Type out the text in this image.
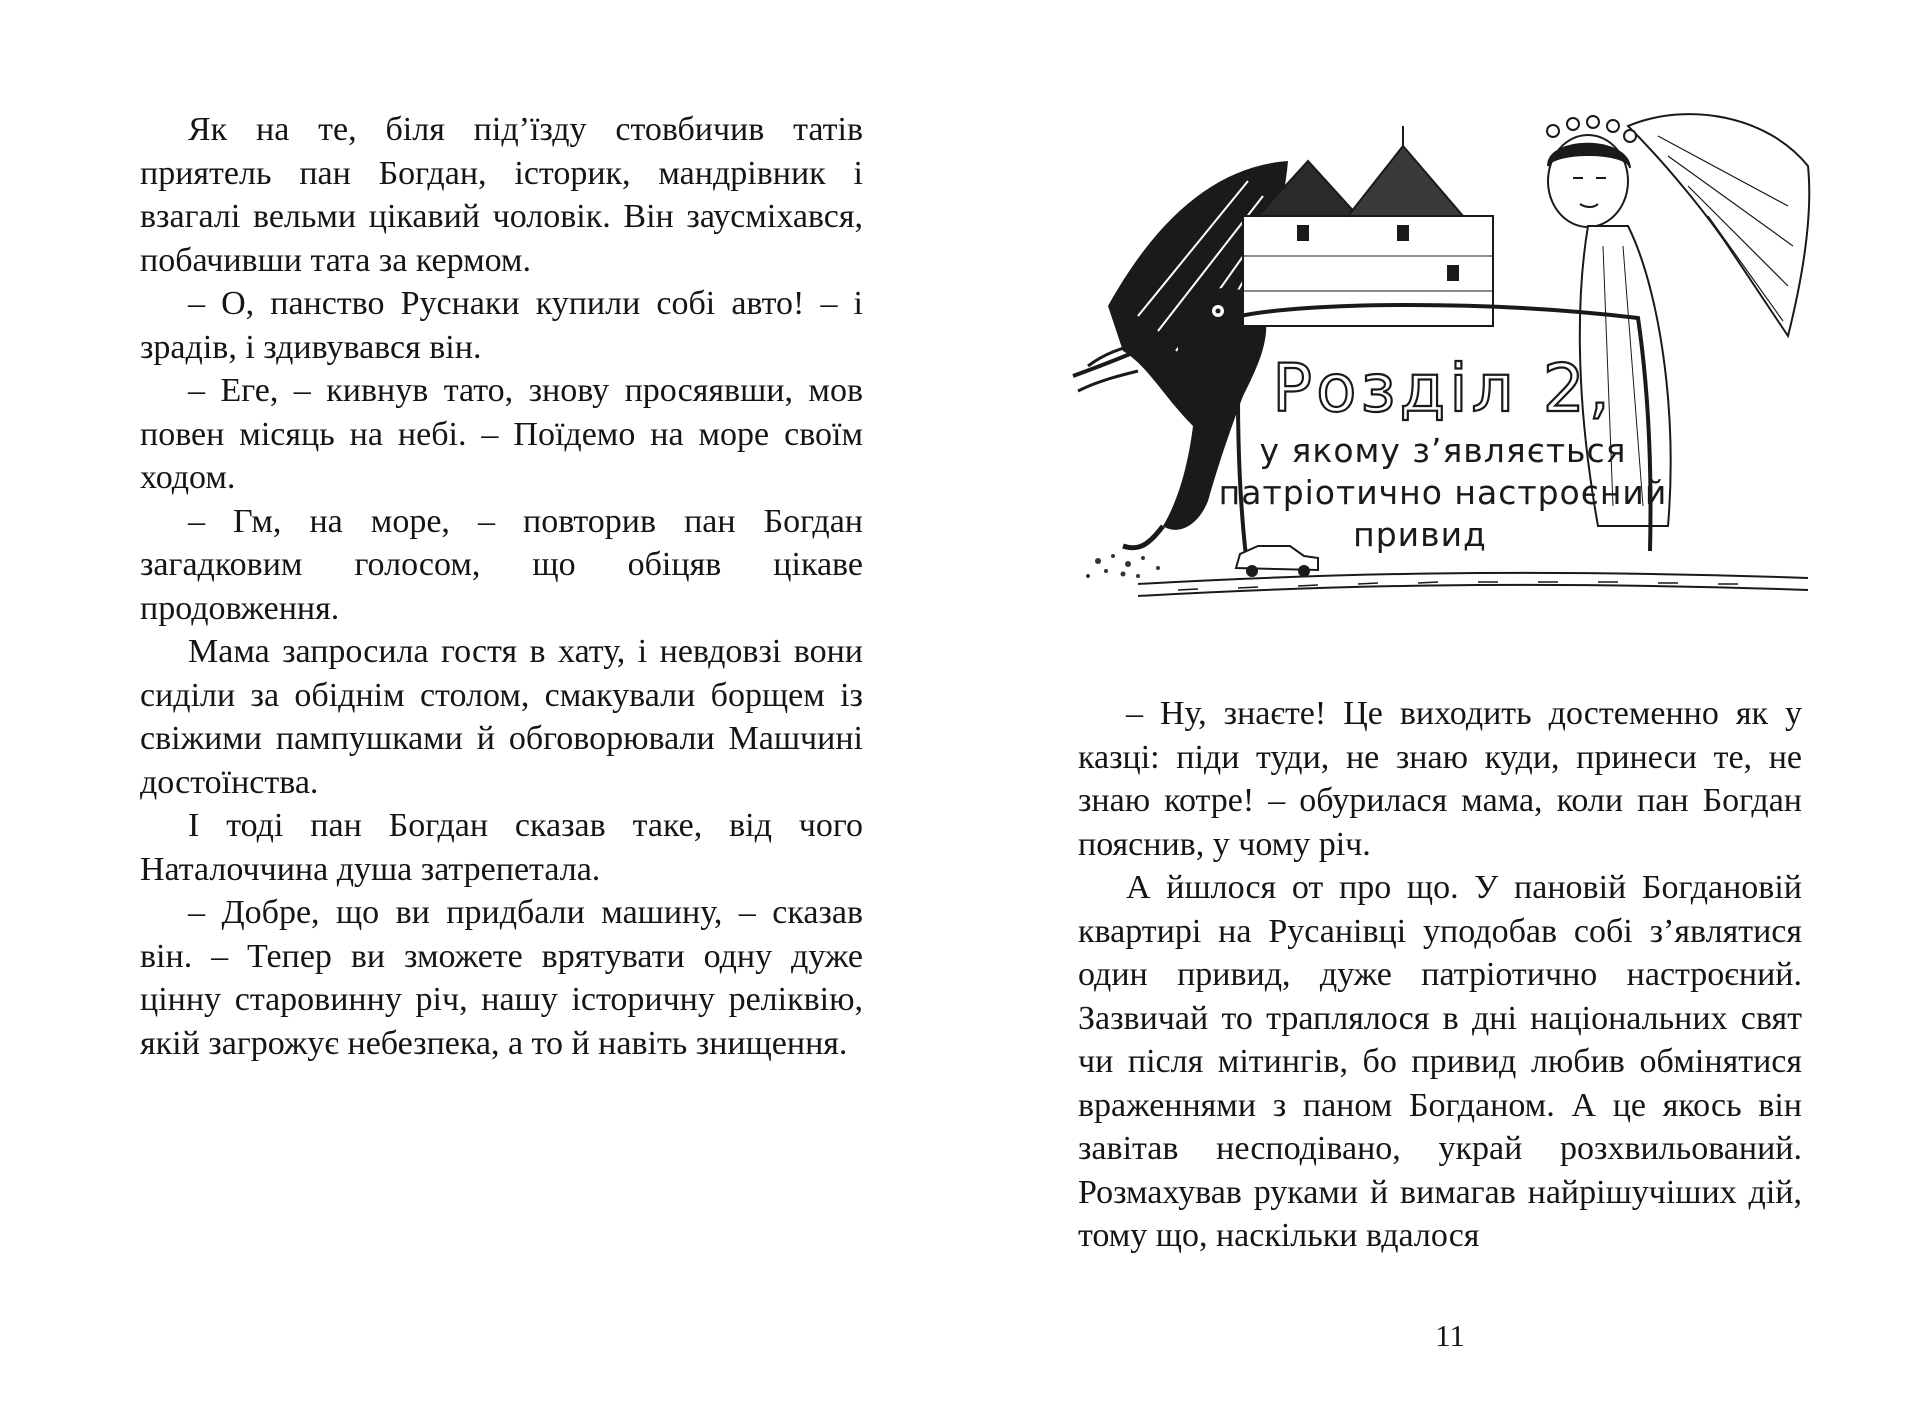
Як на те, біля під’їзду стовбичив татів приятель пан Богдан, історик, мандрівник і взагалі вельми цікавий чоловік. Він заусміхався, побачивши тата за кермом.

– О, панство Руснаки купили собі авто! – і зрадів, і здивувався він.

– Еге, – кивнув тато, знову просяявши, мов повен місяць на небі. – Поїдемо на море своїм ходом.

– Гм, на море, – повторив пан Богдан загадковим голосом, що обіцяв цікаве продовження.

Мама запросила гостя в хату, і невдовзі вони сиділи за обіднім столом, смакували борщем із свіжими пампушками й обговорювали Машчині достоїнства.

І тоді пан Богдан сказав таке, від чого Наталоччина душа затрепетала.

– Добре, що ви придбали машину, – сказав він. – Тепер ви зможете врятувати одну дуже цінну старовинну річ, нашу історичну реліквію, якій загрожує небезпека, а то й навіть знищення.

Розділ 2,
у якому з’являється
патріотично настроєний
привид

– Ну, знаєте! Це виходить достеменно як у казці: піди туди, не знаю куди, принеси те, не знаю котре! – обурилася мама, коли пан Богдан пояснив, у чому річ.

А йшлося от про що. У пановій Богдановій квартирі на Русанівці уподобав собі з’являтися один привид, дуже патріотично настроєний. Зазвичай то траплялося в дні національних свят чи після мітингів, бо привид любив обмінятися враженнями з паном Богданом. А це якось він завітав несподівано, украй розхвильований. Розмахував руками й вимагав найрішучіших дій, тому що, наскільки вдалося

11
